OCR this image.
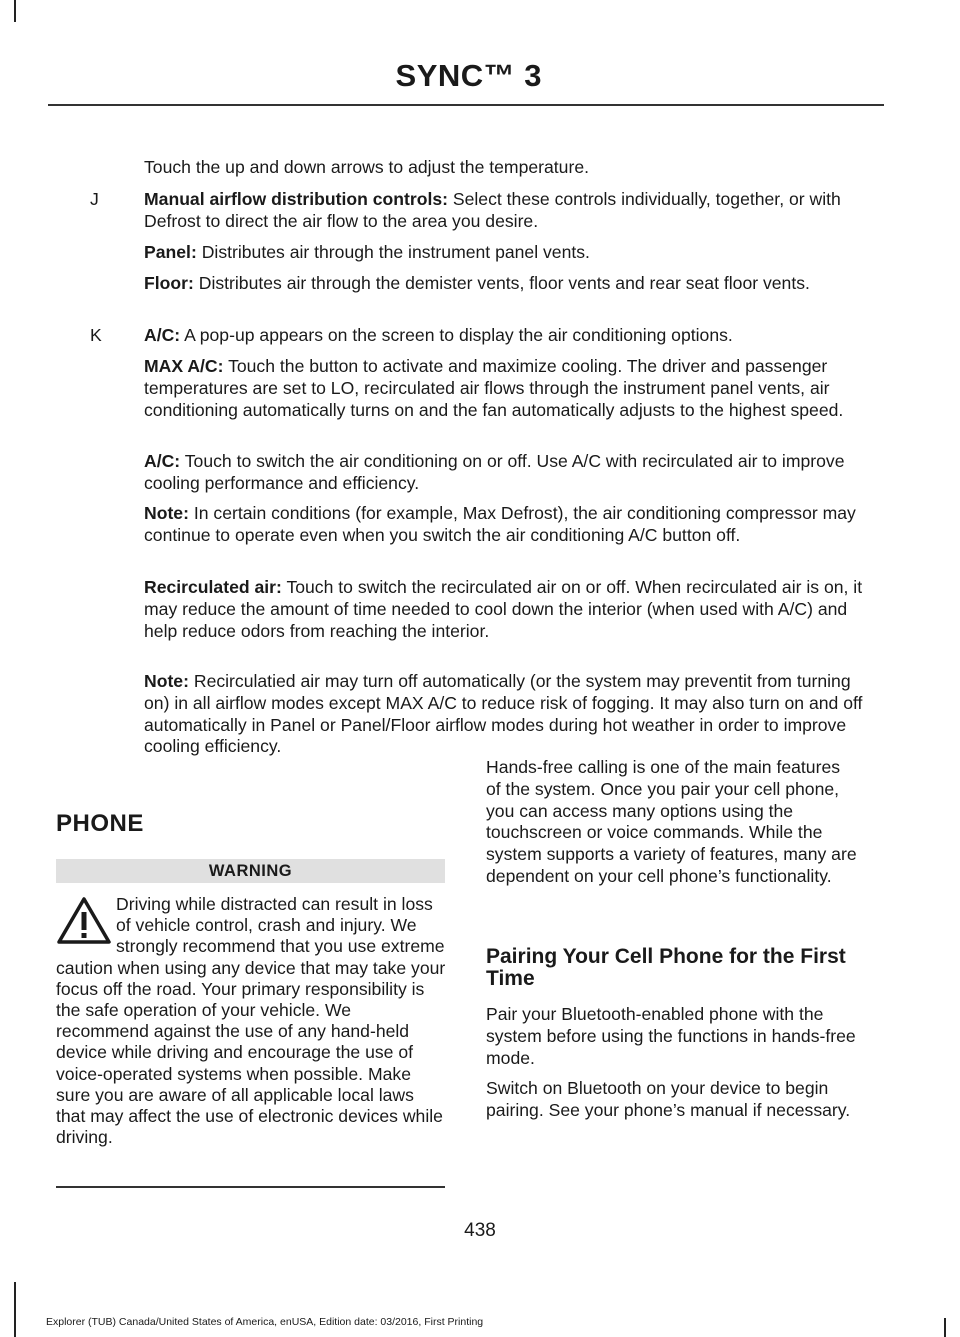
SYNC™ 3

Touch the up and down arrows to adjust the temperature.

J	Manual airflow distribution controls: Select these controls individually, together, or with Defrost to direct the air flow to the area you desire.

Panel: Distributes air through the instrument panel vents.

Floor: Distributes air through the demister vents, floor vents and rear seat floor vents.

K A/C: A pop-up appears on the screen to display the air conditioning options.

MAX A/C: Touch the button to activate and maximize cooling. The driver and passenger temperatures are set to LO, recirculated air flows through the instrument panel vents, air conditioning automatically turns on and the fan automatically adjusts to the highest speed.

A/C: Touch to switch the air conditioning on or off. Use A/C with recirculated air to improve cooling performance and efficiency.

Note: In certain conditions (for example, Max Defrost), the air conditioning compressor may continue to operate even when you switch the air conditioning A/C button off.

Recirculated air: Touch to switch the recirculated air on or off. When recirculated air is on, it may reduce the amount of time needed to cool down the interior (when used with A/C) and help reduce odors from reaching the interior.

Note: Recirculatied air may turn off automatically (or the system may preventit from turning on) in all airflow modes except MAX A/C to reduce risk of fogging. It may also turn on and off automatically in Panel or Panel/Floor airflow modes during hot weather in order to improve cooling efficiency.

PHONE
WARNING
Driving while distracted can result in loss of vehicle control, crash and injury. We strongly recommend that you use extreme caution when using any device that may take your focus off the road. Your primary responsibility is the safe operation of your vehicle. We recommend against the use of any hand-held device while driving and encourage the use of voice-operated systems when possible. Make sure you are aware of all applicable local laws that may affect the use of electronic devices while driving.

Hands-free calling is one of the main features of the system. Once you pair your cell phone, you can access many options using the touchscreen or voice commands. While the system supports a variety of features, many are dependent on your cell phone’s functionality.

Pairing Your Cell Phone for the First Time

Pair your Bluetooth-enabled phone with the system before using the functions in hands-free mode.

Switch on Bluetooth on your device to begin pairing. See your phone’s manual if necessary.

438
Explorer (TUB) Canada/United States of America, enUSA, Edition date: 03/2016, First Printing
